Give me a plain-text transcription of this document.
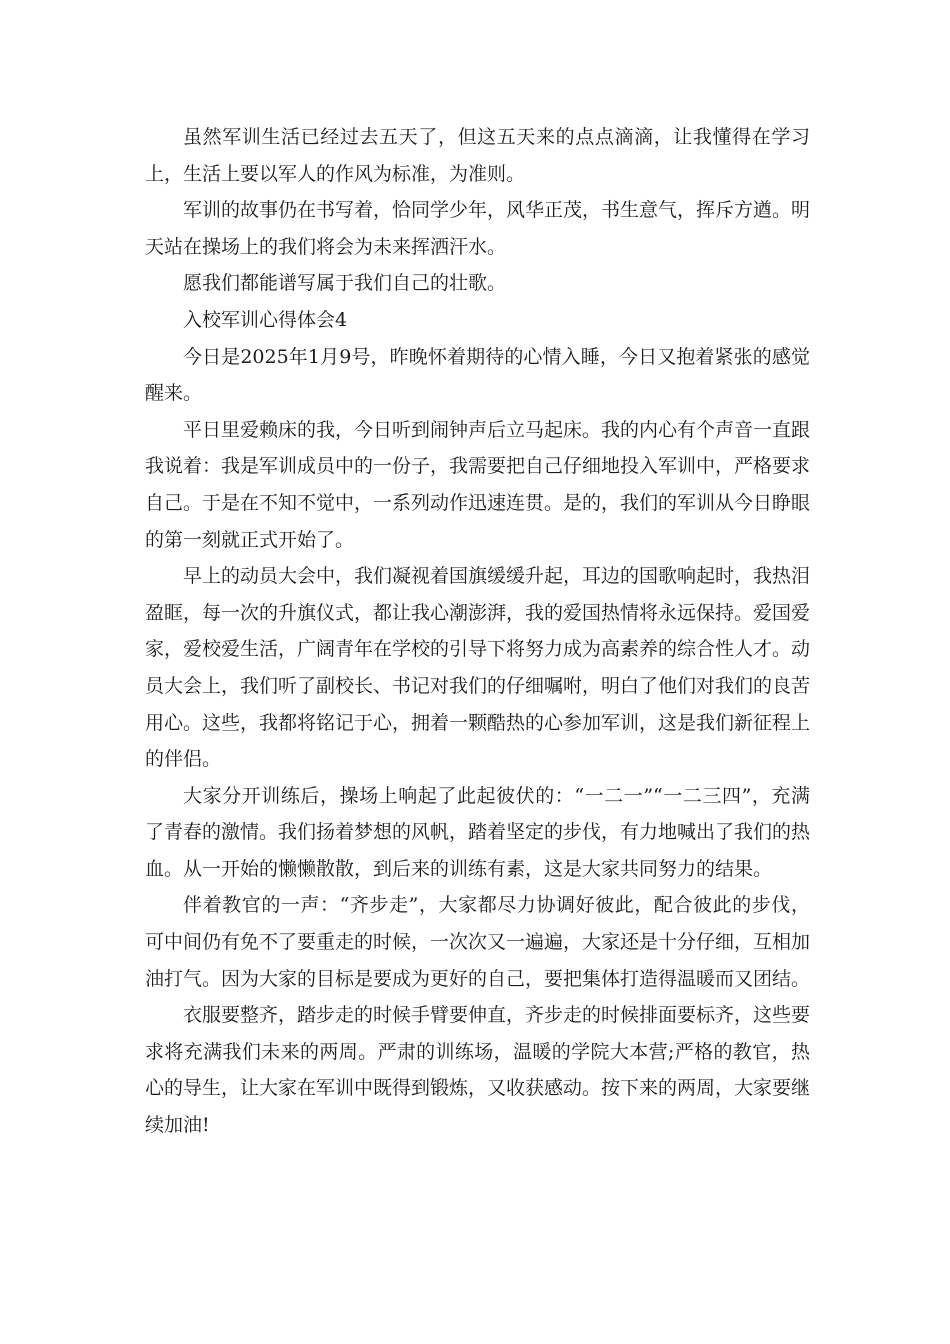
虽然军训生活已经过去五天了，但这五天来的点点滴滴，让我懂得在学习上，生活上要以军人的作风为标准，为准则。

军训的故事仍在书写着，恰同学少年，风华正茂，书生意气，挥斥方遒。明天站在操场上的我们将会为未来挥洒汗水。

愿我们都能谱写属于我们自己的壮歌。

入校军训心得体会4

今日是2025年1月9号，昨晚怀着期待的心情入睡，今日又抱着紧张的感觉醒来。

平日里爱赖床的我，今日听到闹钟声后立马起床。我的内心有个声音一直跟我说着：我是军训成员中的一份子，我需要把自己仔细地投入军训中，严格要求自己。于是在不知不觉中，一系列动作迅速连贯。是的，我们的军训从今日睁眼的第一刻就正式开始了。

早上的动员大会中，我们凝视着国旗缓缓升起，耳边的国歌响起时，我热泪盈眶，每一次的升旗仪式，都让我心潮澎湃，我的爱国热情将永远保持。爱国爱家，爱校爱生活，广阔青年在学校的引导下将努力成为高素养的综合性人才。动员大会上，我们听了副校长、书记对我们的仔细嘱咐，明白了他们对我们的良苦用心。这些，我都将铭记于心，拥着一颗酷热的心参加军训，这是我们新征程上的伴侣。

大家分开训练后，操场上响起了此起彼伏的：“一二一”“一二三四”，充满了青春的激情。我们扬着梦想的风帆，踏着坚定的步伐，有力地喊出了我们的热血。从一开始的懒懒散散，到后来的训练有素，这是大家共同努力的结果。

伴着教官的一声：“齐步走”，大家都尽力协调好彼此，配合彼此的步伐，可中间仍有免不了要重走的时候，一次次又一遍遍，大家还是十分仔细，互相加油打气。因为大家的目标是要成为更好的自己，要把集体打造得温暖而又团结。

衣服要整齐，踏步走的时候手臂要伸直，齐步走的时候排面要标齐，这些要求将充满我们未来的两周。严肃的训练场，温暖的学院大本营;严格的教官，热心的导生，让大家在军训中既得到锻炼，又收获感动。按下来的两周，大家要继续加油!
